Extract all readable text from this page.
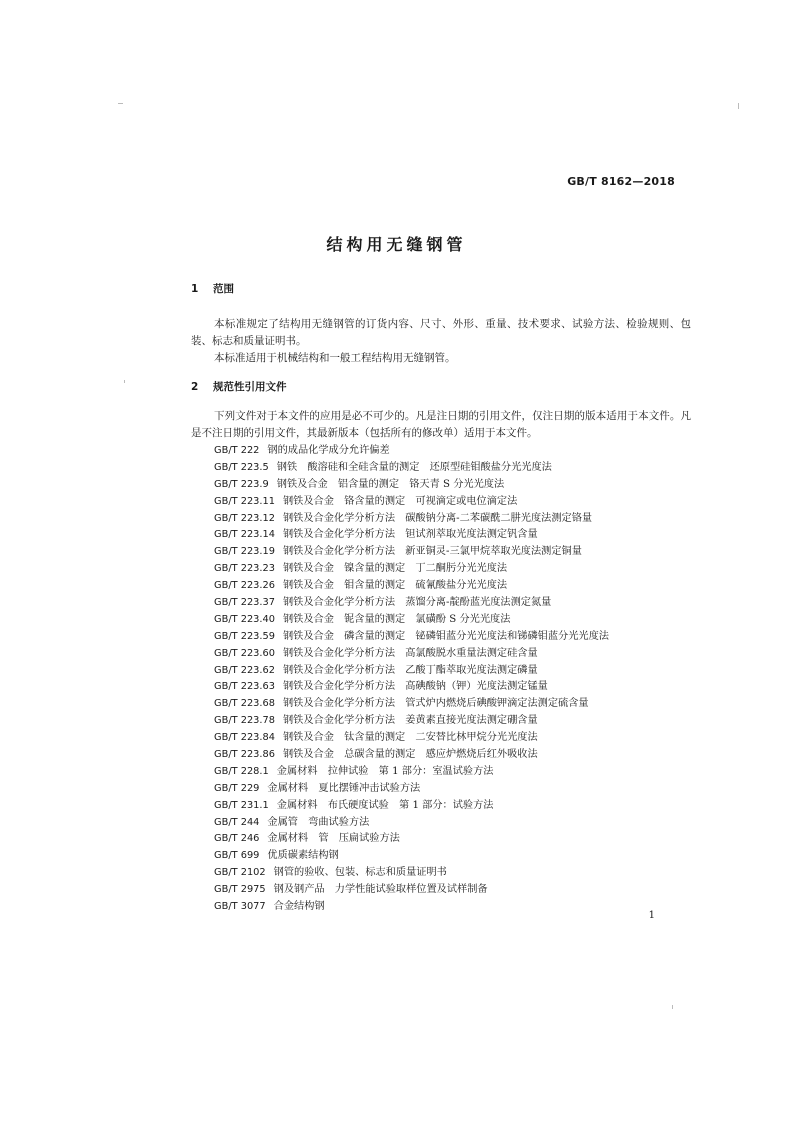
GB/T 8162—2018
结构用无缝钢管
1 范围
本标准规定了结构用无缝钢管的订货内容、尺寸、外形、重量、技术要求、试验方法、检验规则、包装、标志和质量证明书。
本标准适用于机械结构和一般工程结构用无缝钢管。
2 规范性引用文件
下列文件对于本文件的应用是必不可少的。凡是注日期的引用文件，仅注日期的版本适用于本文件。凡是不注日期的引用文件，其最新版本（包括所有的修改单）适用于本文件。
GB/T 222 钢的成品化学成分允许偏差
GB/T 223.5 钢铁　酸溶硅和全硅含量的测定　还原型硅钼酸盐分光光度法
GB/T 223.9 钢铁及合金　铝含量的测定　铬天青 S 分光光度法
GB/T 223.11 钢铁及合金　铬含量的测定　可视滴定或电位滴定法
GB/T 223.12 钢铁及合金化学分析方法　碳酸钠分离-二苯碳酰二肼光度法测定铬量
GB/T 223.14 钢铁及合金化学分析方法　钽试剂萃取光度法测定钒含量
GB/T 223.19 钢铁及合金化学分析方法　新亚铜灵-三氯甲烷萃取光度法测定铜量
GB/T 223.23 钢铁及合金　镍含量的测定　丁二酮肟分光光度法
GB/T 223.26 钢铁及合金　钼含量的测定　硫氰酸盐分光光度法
GB/T 223.37 钢铁及合金化学分析方法　蒸馏分离-靛酚蓝光度法测定氮量
GB/T 223.40 钢铁及合金　铌含量的测定　氯磺酚 S 分光光度法
GB/T 223.59 钢铁及合金　磷含量的测定　铋磷钼蓝分光光度法和锑磷钼蓝分光光度法
GB/T 223.60 钢铁及合金化学分析方法　高氯酸脱水重量法测定硅含量
GB/T 223.62 钢铁及合金化学分析方法　乙酸丁酯萃取光度法测定磷量
GB/T 223.63 钢铁及合金化学分析方法　高碘酸钠（钾）光度法测定锰量
GB/T 223.68 钢铁及合金化学分析方法　管式炉内燃烧后碘酸钾滴定法测定硫含量
GB/T 223.78 钢铁及合金化学分析方法　姜黄素直接光度法测定硼含量
GB/T 223.84 钢铁及合金　钛含量的测定　二安替比林甲烷分光光度法
GB/T 223.86 钢铁及合金　总碳含量的测定　感应炉燃烧后红外吸收法
GB/T 228.1 金属材料　拉伸试验　第 1 部分：室温试验方法
GB/T 229 金属材料　夏比摆锤冲击试验方法
GB/T 231.1 金属材料　布氏硬度试验　第 1 部分：试验方法
GB/T 244 金属管　弯曲试验方法
GB/T 246 金属材料　管　压扁试验方法
GB/T 699 优质碳素结构钢
GB/T 2102 钢管的验收、包装、标志和质量证明书
GB/T 2975 钢及钢产品　力学性能试验取样位置及试样制备
GB/T 3077 合金结构钢
1
